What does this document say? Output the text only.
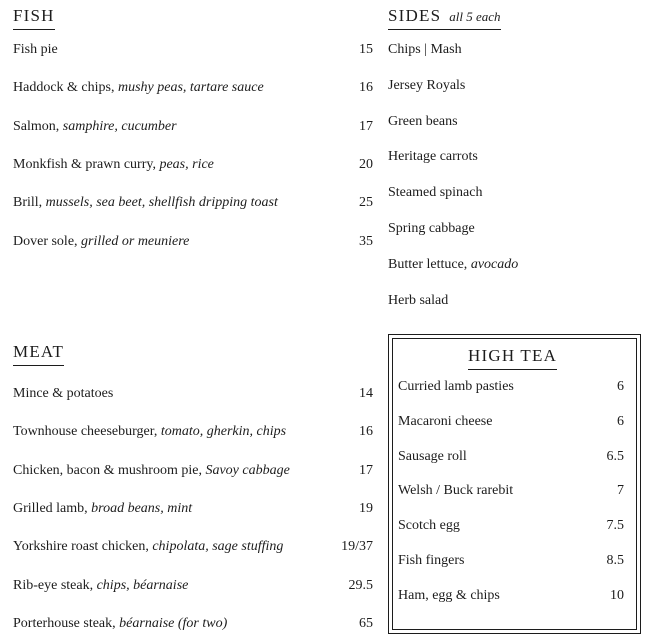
FISH
Fish pie	15
Haddock & chips, mushy peas, tartare sauce	16
Salmon, samphire, cucumber	17
Monkfish & prawn curry, peas, rice	20
Brill, mussels, sea beet, shellfish dripping toast	25
Dover sole, grilled or meuniere	35
SIDES all 5 each
Chips | Mash
Jersey Royals
Green beans
Heritage carrots
Steamed spinach
Spring cabbage
Butter lettuce, avocado
Herb salad
MEAT
Mince & potatoes	14
Townhouse cheeseburger, tomato, gherkin, chips	16
Chicken, bacon & mushroom pie, Savoy cabbage	17
Grilled lamb, broad beans, mint	19
Yorkshire roast chicken, chipolata, sage stuffing	19/37
Rib-eye steak, chips, béarnaise	29.5
Porterhouse steak, béarnaise (for two)	65
HIGH TEA
Curried lamb pasties	6
Macaroni cheese	6
Sausage roll	6.5
Welsh / Buck rarebit	7
Scotch egg	7.5
Fish fingers	8.5
Ham, egg & chips	10
